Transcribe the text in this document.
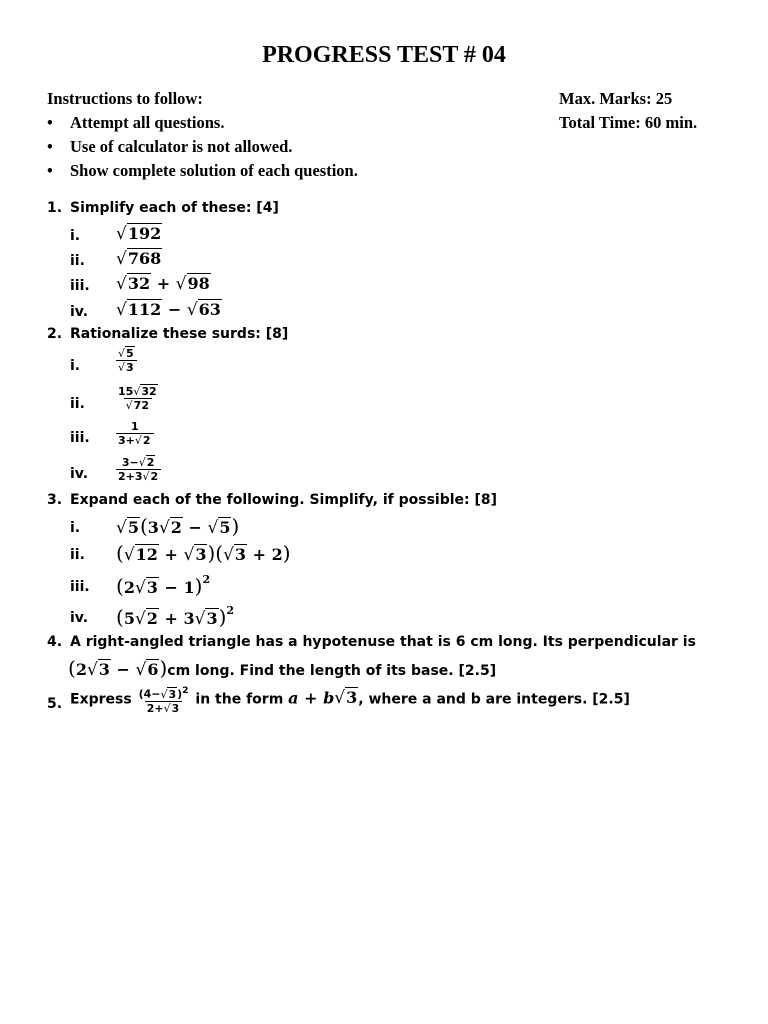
PROGRESS TEST # 04
Instructions to follow:	Max. Marks: 25
Total Time: 60 min.
• Attempt all questions.
• Use of calculator is not allowed.
• Show complete solution of each question.
1. Simplify each of these: [4]
i. √192
ii. √768
iii. √32 + √98
iv. √112 − √63
2. Rationalize these surds: [8]
i.	$\frac{√5}{√3}$
ii.	$\frac{15√32}{√72}$
iii. $\frac{1}{3+√2}$
iv.	$\frac{3-√2}{2+3√2}$
3. Expand each of the following. Simplify, if possible: [8]
i. √5(3√2 − √5)
ii. (√12 + √3)(√3 + 2)
iii. $(2√3 - 1)^2$
iv. $(5√2 + 3√3)^2$
4. A right-angled triangle has a hypotenuse that is 6 cm long. Its perpendicular is
(2√3 − √6)cm long. Find the length of its base. [2.5]
5. Express $\frac{(4-√3)^2}{2+√3}$ in the form a + b√3, where a and b are integers. [2.5]
